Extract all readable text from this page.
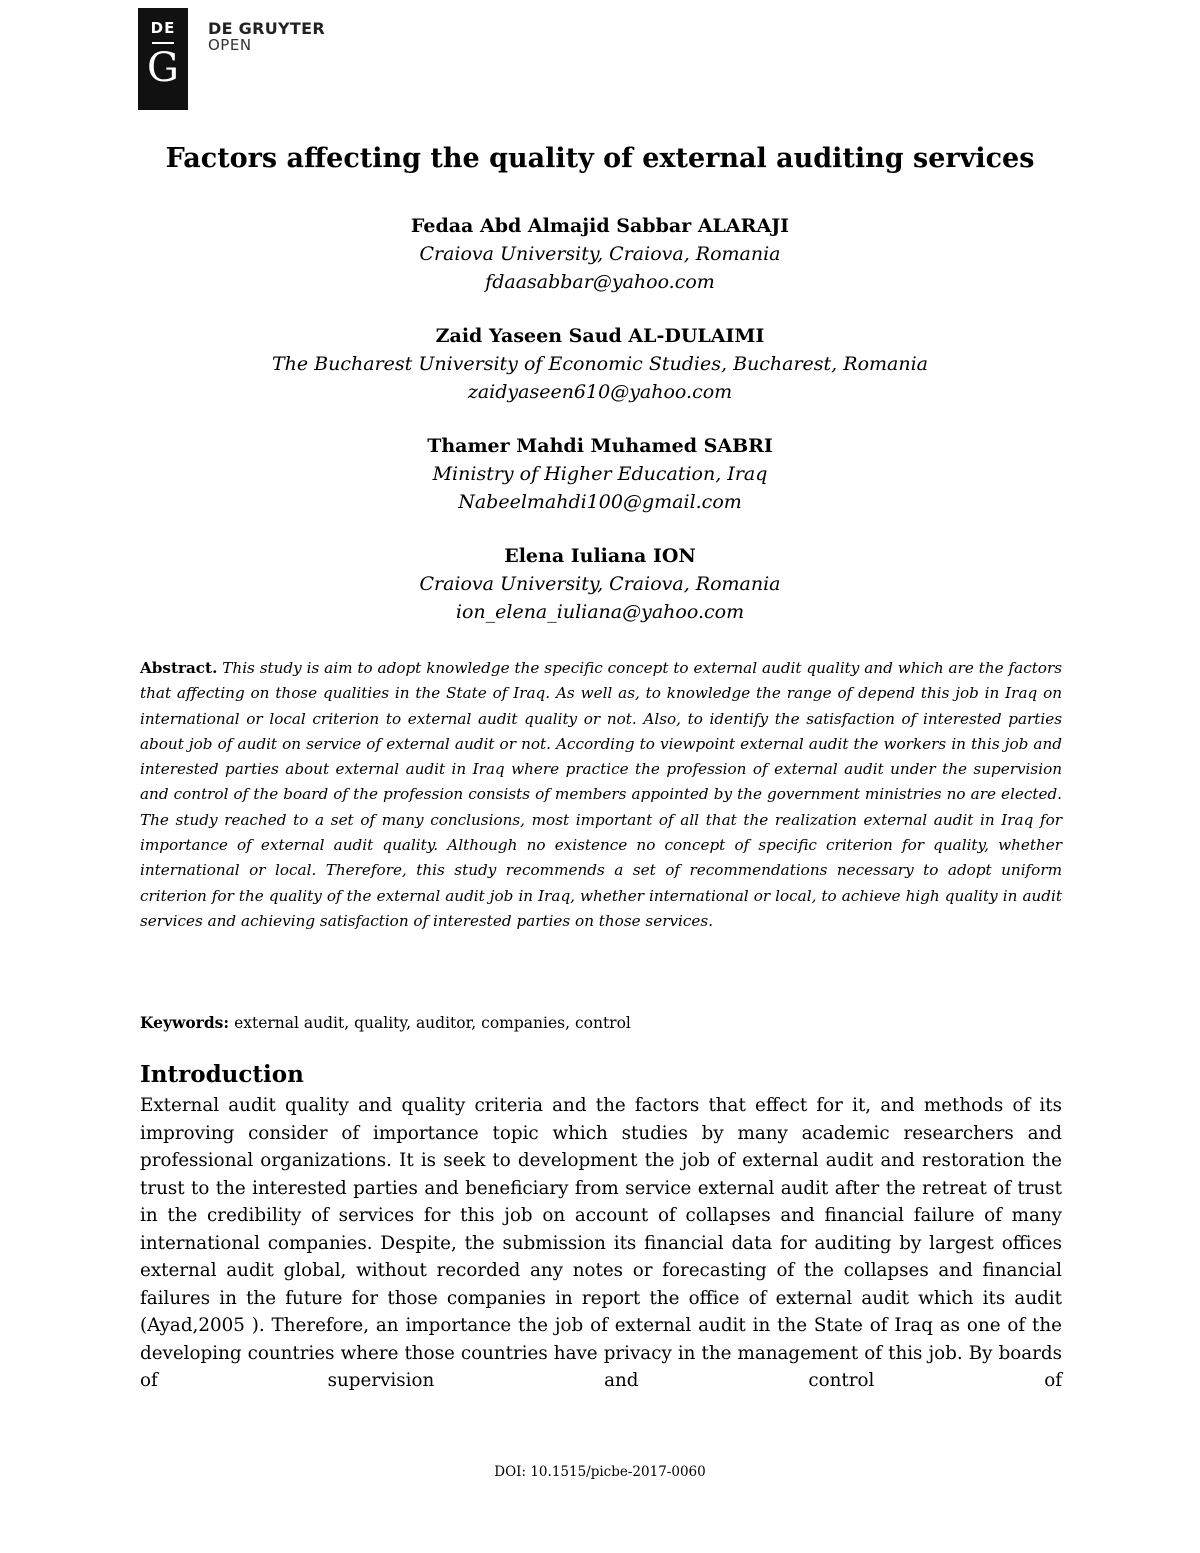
DE
G
DE GRUYTER
OPEN
Factors affecting the quality of external auditing services
Fedaa Abd Almajid Sabbar ALARAJI
Craiova University, Craiova, Romania
fdaasabbar@yahoo.com
Zaid Yaseen Saud AL-DULAIMI
The Bucharest University of Economic Studies, Bucharest, Romania
zaidyaseen610@yahoo.com
Thamer Mahdi Muhamed SABRI
Ministry of Higher Education, Iraq
Nabeelmahdi100@gmail.com
Elena Iuliana ION
Craiova University, Craiova, Romania
ion_elena_iuliana@yahoo.com

Abstract. This study is aim to adopt knowledge the specific concept to external audit quality and which are the factors that affecting on those qualities in the State of Iraq. As well as, to knowledge the range of depend this job in Iraq on international or local criterion to external audit quality or not. Also, to identify the satisfaction of interested parties about job of audit on service of external audit or not. According to viewpoint external audit the workers in this job and interested parties about external audit in Iraq where practice the profession of external audit under the supervision and control of the board of the profession consists of members appointed by the government ministries no are elected. The study reached to a set of many conclusions, most important of all that the realization external audit in Iraq for importance of external audit quality. Although no existence no concept of specific criterion for quality, whether international or local. Therefore, this study recommends a set of recommendations necessary to adopt uniform criterion for the quality of the external audit job in Iraq, whether international or local, to achieve high quality in audit services and achieving satisfaction of interested parties on those services.

Keywords: external audit, quality, auditor, companies, control

Introduction

External audit quality and quality criteria and the factors that effect for it, and methods of its improving consider of importance topic which studies by many academic researchers and professional organizations. It is seek to development the job of external audit and restoration the trust to the interested parties and beneficiary from service external audit after the retreat of trust in the credibility of services for this job on account of collapses and financial failure of many international companies. Despite, the submission its financial data for auditing by largest offices external audit global, without recorded any notes or forecasting of the collapses and financial failures in the future for those companies in report the office of external audit which its audit (Ayad,2005 ). Therefore, an importance the job of external audit in the State of Iraq as one of the developing countries where those countries have privacy in the management of this job. By boards of supervision and control of

DOI: 10.1515/picbe-2017-0060
